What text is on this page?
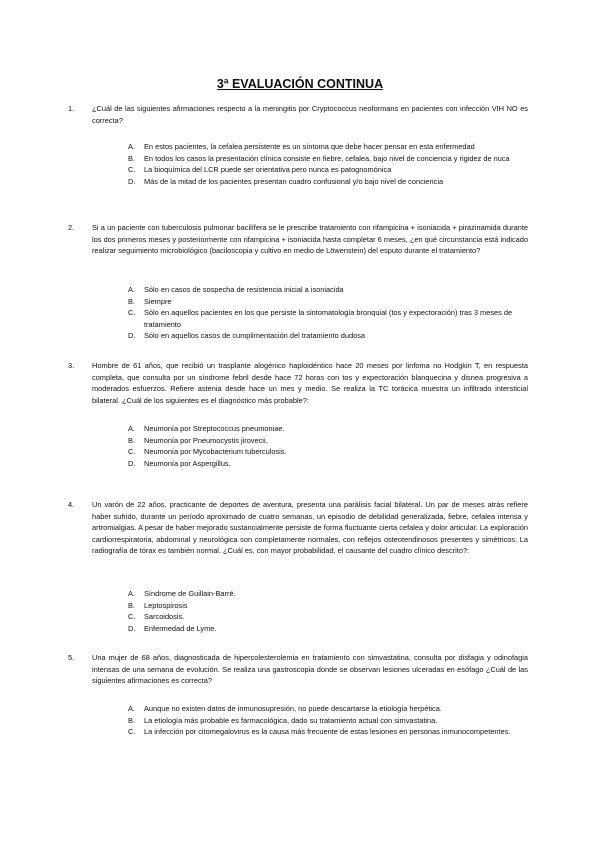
3ª EVALUACIÓN CONTINUA
1. ¿Cuál de las siguientes afirmaciones respecto a la meningitis por Cryptococcus neoformans en pacientes con infección VIH NO es correcta?
A. En estos pacientes, la cefalea persistente es un síntoma que debe hacer pensar en esta enfermedad
B. En todos los casos la presentación clínica consiste en fiebre, cefalea, bajo nivel de conciencia y rigidez de nuca
C. La bioquímica del LCR puede ser orientativa pero nunca es patognomónica
D. Más de la mitad de los pacientes presentan cuadro confusional y/o bajo nivel de conciencia
2. Si a un paciente con tuberculosis pulmonar bacilífera se le prescribe tratamiento con rifampicina + isoniacida + pirazinamida durante los dos primeros meses y posteriormente con rifampicina + isoniacida hasta completar 6 meses, ¿en qué circunstancia está indicado realizar seguimiento microbiológico (baciloscopia y cultivo en medio de Löwenstein) del esputo durante el tratamiento?
A. Sólo en casos de sospecha de resistencia inicial a isoniacida
B. Siempre
C. Sólo en aquellos pacientes en los que persiste la sintomatología bronquial (tos y expectoración) tras 3 meses de tratamiento
D. Sólo en aquellos casos de cumplimentación del tratamiento dudosa
3. Hombre de 61 años, que recibió un trasplante alogénico haploidéntico hace 20 meses por linfoma no Hodgkin T, en respuesta completa, que consulta por un síndrome febril desde hace 72 horas con tos y expectoración blanquecina y disnea progresiva a moderados esfuerzos. Refiere astenia desde hace un mes y medio. Se realiza la TC torácica muestra un infiltrado intersticial bilateral. ¿Cuál de los siguientes es el diagnóstico más probable?:
A. Neumonía por Streptococcus pneumoniae.
B. Neumonía por Pneumocystis jirovecii.
C. Neumonía por Mycobacterium tuberculosis.
D. Neumonía por Aspergillus.
4. Un varón de 22 años, practicante de deportes de aventura, presenta una parálisis facial bilateral. Un par de meses atrás refiere haber sufrido, durante un período aproximado de cuatro semanas, un episodio de debilidad generalizada, fiebre, cefalea intensa y artromialgias. A pesar de haber mejorado sustancialmente persiste de forma fluctuante cierta cefalea y dolor articular. La exploración cardiorrespiratoria, abdominal y neurológica son completamente normales, con reflejos osteotendinosos presentes y simétricos. La radiografía de tórax es también normal. ¿Cuál es, con mayor probabilidad, el causante del cuadro clínico descrito?:
A. Síndrome de Guillain-Barré.
B. Leptospirosis
C. Sarcoidosis.
D. Enfermedad de Lyme.
5. Una mujer de 68 años, diagnosticada de hipercolesterolemia en tratamiento con simvastatina, consulta por disfagia y odinofagia intensas de una semana de evolución. Se realiza una gastroscopia donde se observan lesiones ulceradas en esófago ¿Cuál de las siguientes afirmaciones es correcta?
A. Aunque no existen datos de inmunosupresión, no puede descartarse la etiología herpética.
B. La etiología más probable es farmacológica, dado su tratamiento actual con simvastatina.
C. La infección por citomegalovirus es la causa más frecuente de estas lesiones en personas inmunocompetentes.
